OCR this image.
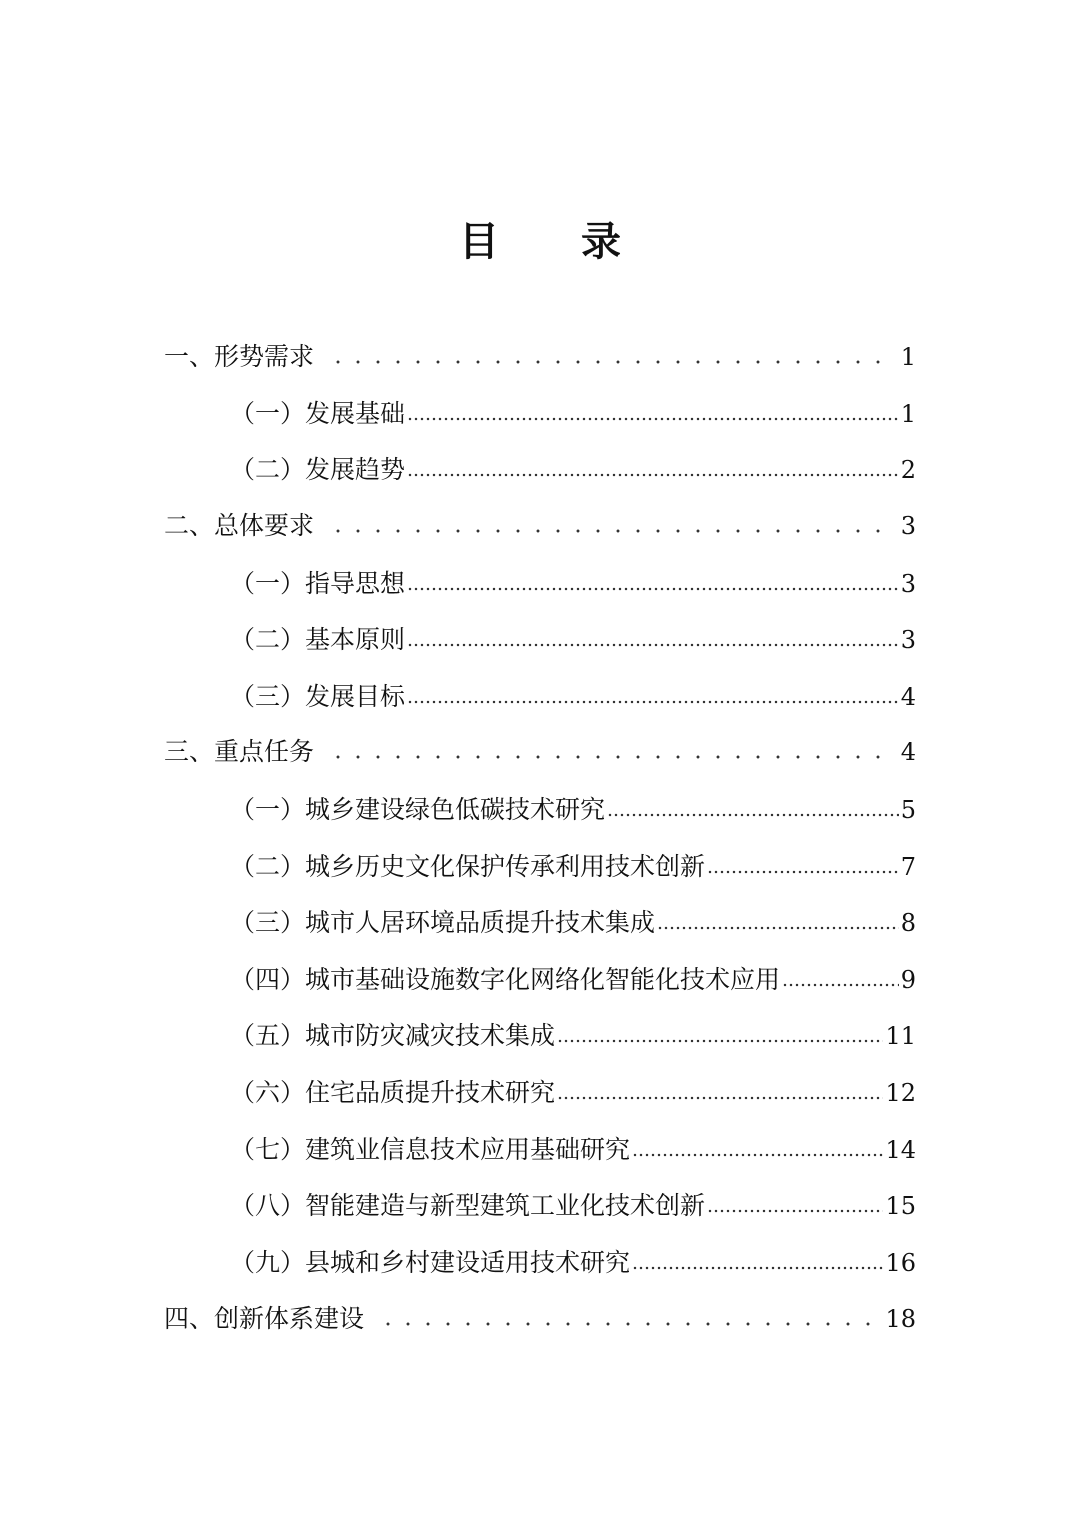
目 录
一、形势需求	1
（一）发展基础	1
（二）发展趋势	2
二、总体要求	3
（一）指导思想	3
（二）基本原则	3
（三）发展目标	4
三、重点任务	4
（一）城乡建设绿色低碳技术研究	5
（二）城乡历史文化保护传承利用技术创新	7
（三）城市人居环境品质提升技术集成	8
（四）城市基础设施数字化网络化智能化技术应用	9
（五）城市防灾减灾技术集成	11
（六）住宅品质提升技术研究	12
（七）建筑业信息技术应用基础研究	14
（八）智能建造与新型建筑工业化技术创新	15
（九）县城和乡村建设适用技术研究	16
四、创新体系建设	18
